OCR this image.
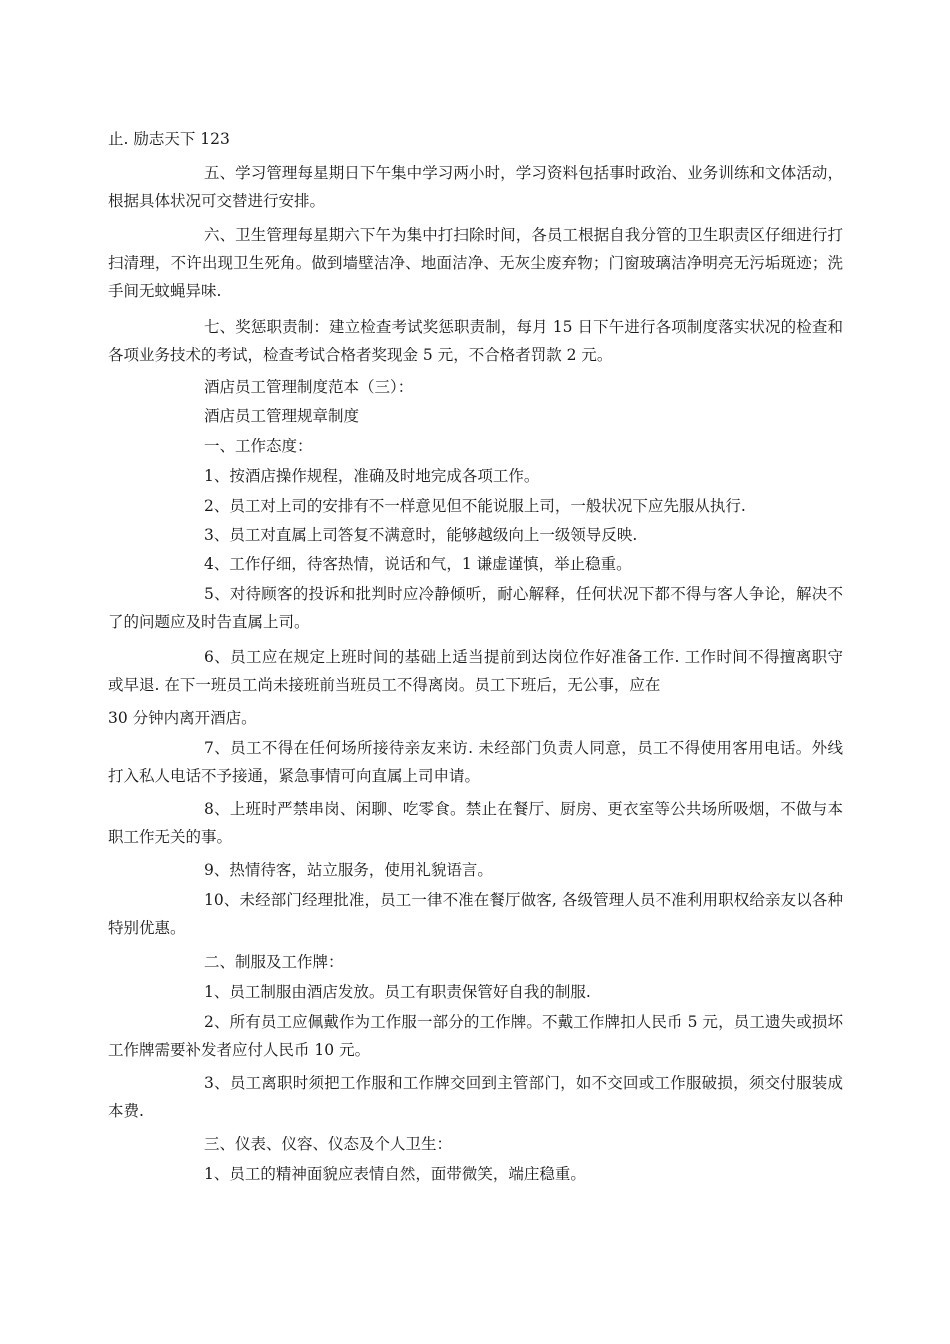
止. 励志天下 123

五、学习管理每星期日下午集中学习两小时，学习资料包括事时政治、业务训练和文体活动，根据具体状况可交替进行安排。

六、卫生管理每星期六下午为集中打扫除时间，各员工根据自我分管的卫生职责区仔细进行打扫清理，不许出现卫生死角。做到墙壁洁净、地面洁净、无灰尘废弃物；门窗玻璃洁净明亮无污垢斑迹；洗手间无蚊蝇异味.

七、奖惩职责制：建立检查考试奖惩职责制，每月 15 日下午进行各项制度落实状况的检查和各项业务技术的考试，检查考试合格者奖现金 5 元，不合格者罚款 2 元。

酒店员工管理制度范本（三）：

酒店员工管理规章制度

一、工作态度：

1、按酒店操作规程，准确及时地完成各项工作。

2、员工对上司的安排有不一样意见但不能说服上司，一般状况下应先服从执行.

3、员工对直属上司答复不满意时，能够越级向上一级领导反映.

4、工作仔细，待客热情，说话和气，1 谦虚谨慎，举止稳重。

5、对待顾客的投诉和批判时应冷静倾听，耐心解释，任何状况下都不得与客人争论，解决不了的问题应及时告直属上司。

6、员工应在规定上班时间的基础上适当提前到达岗位作好准备工作. 工作时间不得擅离职守或早退. 在下一班员工尚未接班前当班员工不得离岗。员工下班后，无公事，应在

30 分钟内离开酒店。

7、员工不得在任何场所接待亲友来访. 未经部门负责人同意，员工不得使用客用电话。外线打入私人电话不予接通，紧急事情可向直属上司申请。

8、上班时严禁串岗、闲聊、吃零食。禁止在餐厅、厨房、更衣室等公共场所吸烟，不做与本职工作无关的事。

9、热情待客，站立服务，使用礼貌语言。

10、未经部门经理批准，员工一律不准在餐厅做客, 各级管理人员不准利用职权给亲友以各种特别优惠。

二、制服及工作牌：

1、员工制服由酒店发放。员工有职责保管好自我的制服.

2、所有员工应佩戴作为工作服一部分的工作牌。不戴工作牌扣人民币 5 元，员工遗失或损坏工作牌需要补发者应付人民币 10 元。

3、员工离职时须把工作服和工作牌交回到主管部门，如不交回或工作服破损，须交付服装成本费.

三、仪表、仪容、仪态及个人卫生：

1、员工的精神面貌应表情自然，面带微笑，端庄稳重。
